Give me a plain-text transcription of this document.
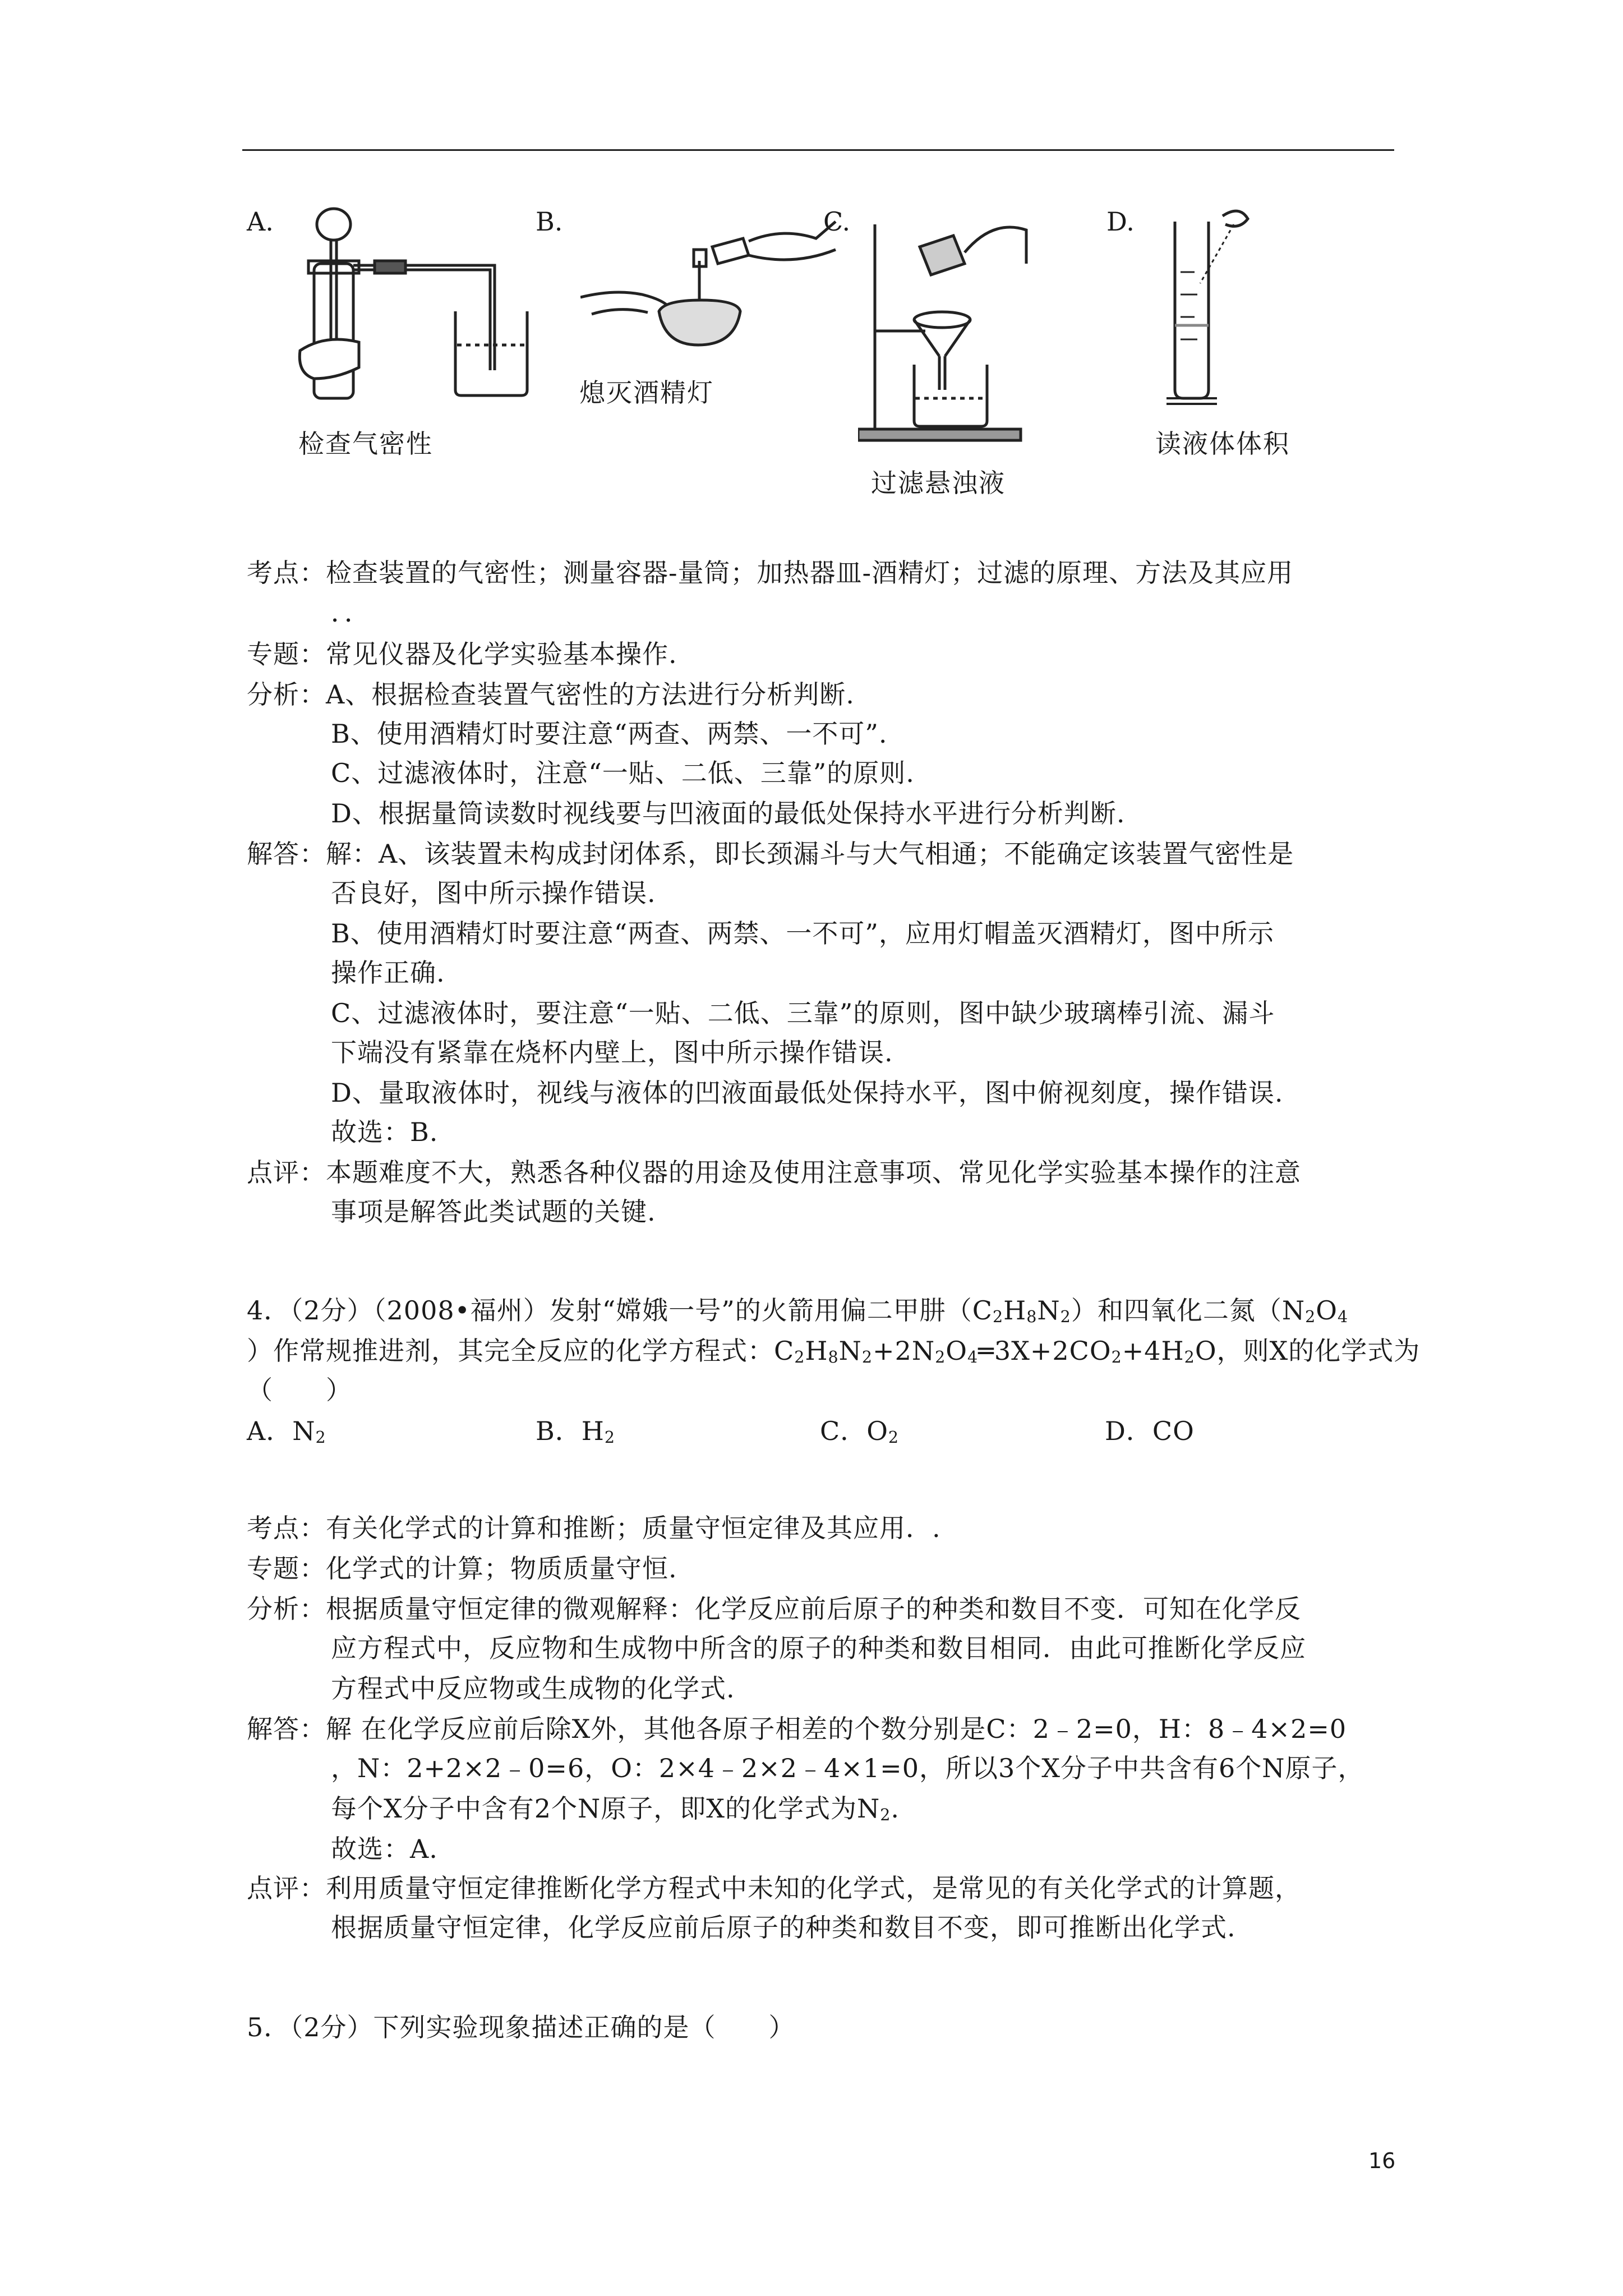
A.	B.	C.	D.
检查气密性
熄灭酒精灯
过滤悬浊液
读液体体积
考点：检查装置的气密性；测量容器-量筒；加热器皿-酒精灯；过滤的原理、方法及其应用
．．
专题：常见仪器及化学实验基本操作.
分析：A、根据检查装置气密性的方法进行分析判断.
B、使用酒精灯时要注意“两查、两禁、一不可”.
C、过滤液体时，注意“一贴、二低、三靠”的原则.
D、根据量筒读数时视线要与凹液面的最低处保持水平进行分析判断.
解答：解：A、该装置未构成封闭体系，即长颈漏斗与大气相通；不能确定该装置气密性是
否良好，图中所示操作错误.
B、使用酒精灯时要注意“两查、两禁、一不可”，应用灯帽盖灭酒精灯，图中所示
操作正确.
C、过滤液体时，要注意“一贴、二低、三靠”的原则，图中缺少玻璃棒引流、漏斗
下端没有紧靠在烧杯内壁上，图中所示操作错误.
D、量取液体时，视线与液体的凹液面最低处保持水平，图中俯视刻度，操作错误.
故选：B.
点评：本题难度不大，熟悉各种仪器的用途及使用注意事项、常见化学实验基本操作的注意
事项是解答此类试题的关键.
4．（2分）（2008•福州）发射“嫦娥一号”的火箭用偏二甲肼$(C_2H_8N_2)$和四氧化二氮（$N_2O_4$
）作常规推进剂，其完全反应的化学方程式：$C_2H_8N_2+2N_2O_4═3X+2CO_2+4H_2O$，则X的化学式为
（　　）
A．$N_2$	B．$H_2$	C．$O_2$	D．CO
考点：有关化学式的计算和推断；质量守恒定律及其应用．.
专题：化学式的计算；物质质量守恒.
分析：根据质量守恒定律的微观解释：化学反应前后原子的种类和数目不变．可知在化学反
应方程式中，反应物和生成物中所含的原子的种类和数目相同．由此可推断化学反应
方程式中反应物或生成物的化学式.
解答：解 在化学反应前后除X外，其他各原子相差的个数分别是C：2﹣2=0，H：8﹣4×2=0
，N：2+2×2﹣0=6，O：2×4﹣2×2﹣4×1=0，所以3个X分子中共含有6个N原子，
每个X分子中含有2个N原子，即X的化学式为$N_2$.
故选：A.
点评：利用质量守恒定律推断化学方程式中未知的化学式，是常见的有关化学式的计算题，
根据质量守恒定律，化学反应前后原子的种类和数目不变，即可推断出化学式.
5．（2分）下列实验现象描述正确的是（　　）
16
